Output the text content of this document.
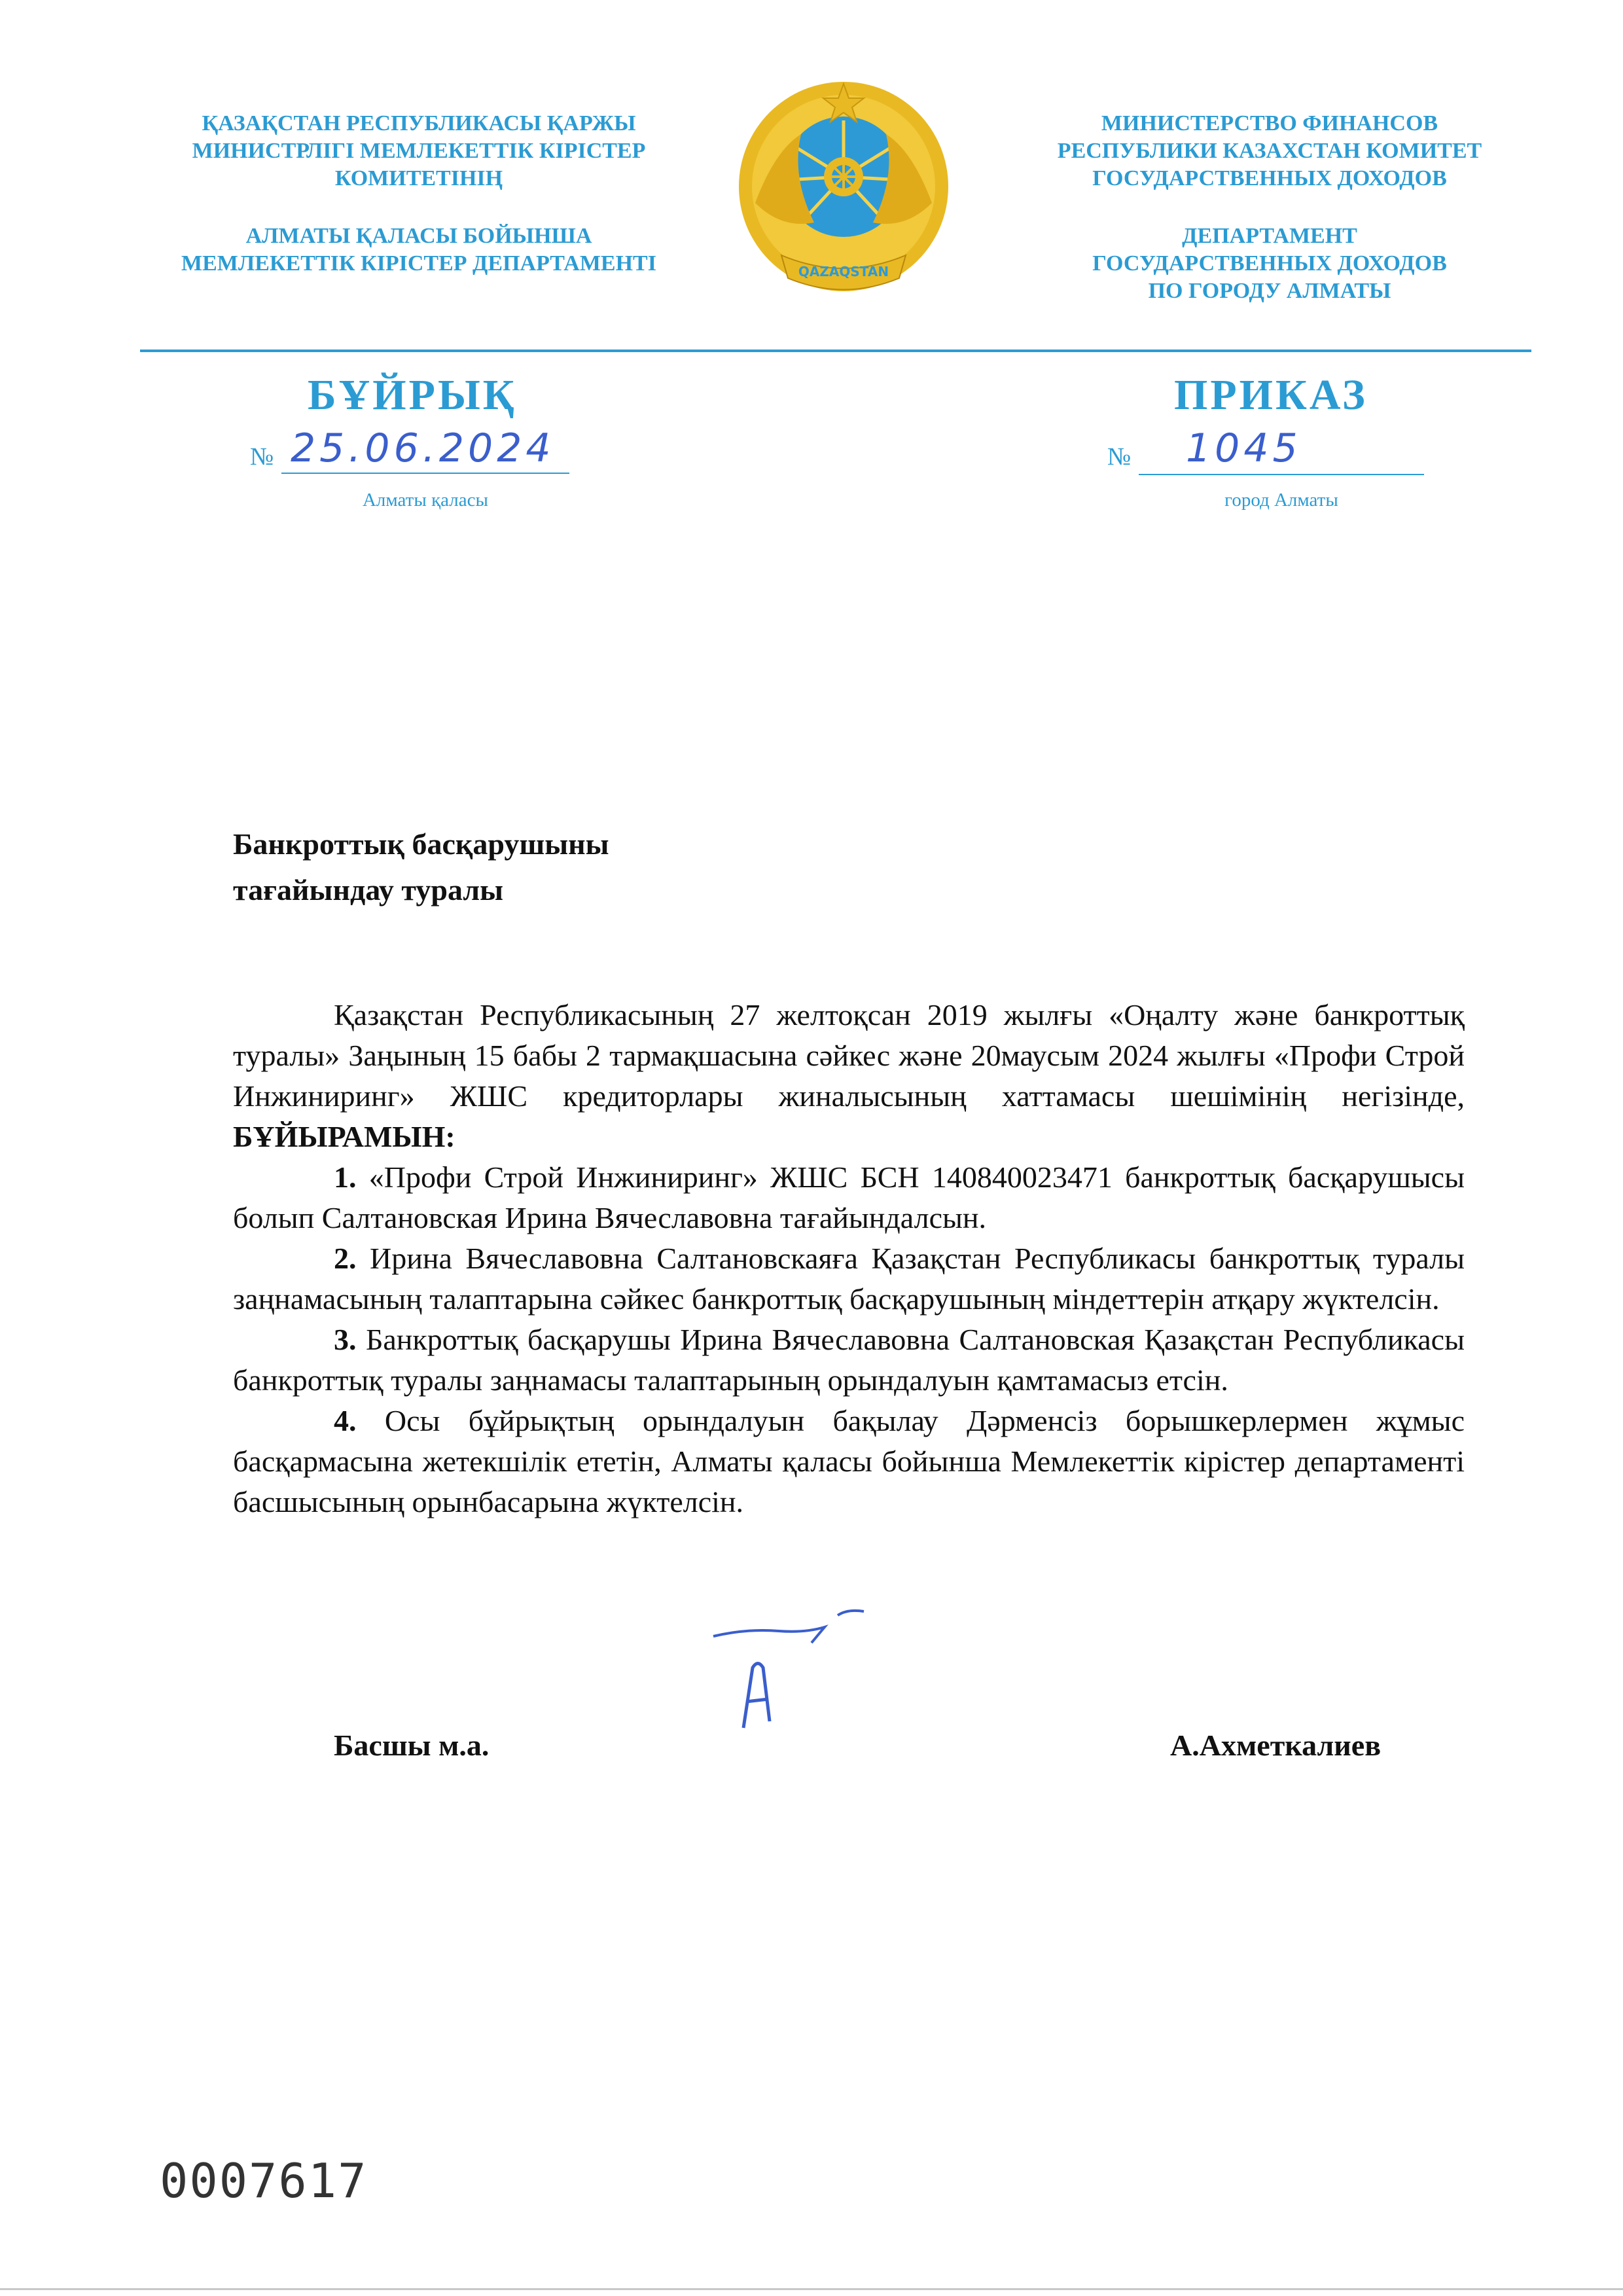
ҚАЗАҚСТАН РЕСПУБЛИКАСЫ ҚАРЖЫ
МИНИСТРЛІГІ МЕМЛЕКЕТТІК КІРІСТЕР
КОМИТЕТІНІҢ
АЛМАТЫ ҚАЛАСЫ БОЙЫНША
МЕМЛЕКЕТТІК КІРІСТЕР ДЕПАРТАМЕНТІ	QAZAQSTAN
МИНИСТЕРСТВО ФИНАНСОВ
РЕСПУБЛИКИ КАЗАХСТАН КОМИТЕТ
ГОСУДАРСТВЕННЫХ ДОХОДОВ
ДЕПАРТАМЕНТ
ГОСУДАРСТВЕННЫХ ДОХОДОВ
ПО ГОРОДУ АЛМАТЫ
БҰЙРЫҚ	ПРИКАЗ
№ 25.06.2024
Алматы қаласы
№ 1045
город Алматы
Банкроттық басқарушыны
тағайындау туралы

Қазақстан Республикасының 27 желтоқсан 2019 жылғы «Оңалту және банкроттық туралы» Заңының 15 бабы 2 тармақшасына сәйкес және 20маусым 2024 жылғы «Профи Строй Инжиниринг» ЖШС кредиторлары жиналысының хаттамасы шешімінің негізінде, БҰЙЫРАМЫН:

1. «Профи Строй Инжиниринг» ЖШС БСН 140840023471 банкроттық басқарушысы болып Салтановская Ирина Вячеславовна тағайындалсын.

2. Ирина Вячеславовна Салтановскаяға Қазақстан Республикасы банкроттық туралы заңнамасының талаптарына сәйкес банкроттық басқарушының міндеттерін атқару жүктелсін.

3. Банкроттық басқарушы Ирина Вячеславовна Салтановская Қазақстан Республикасы банкроттық туралы заңнамасы талаптарының орындалуын қамтамасыз етсін.

4. Осы бұйрықтың орындалуын бақылау Дәрменсіз борышкерлермен жұмыс басқармасына жетекшілік ететін, Алматы қаласы бойынша Мемлекеттік кірістер департаменті басшысының орынбасарына жүктелсін.

Басшы м.а.	А.Ахметкалиев
0007617
